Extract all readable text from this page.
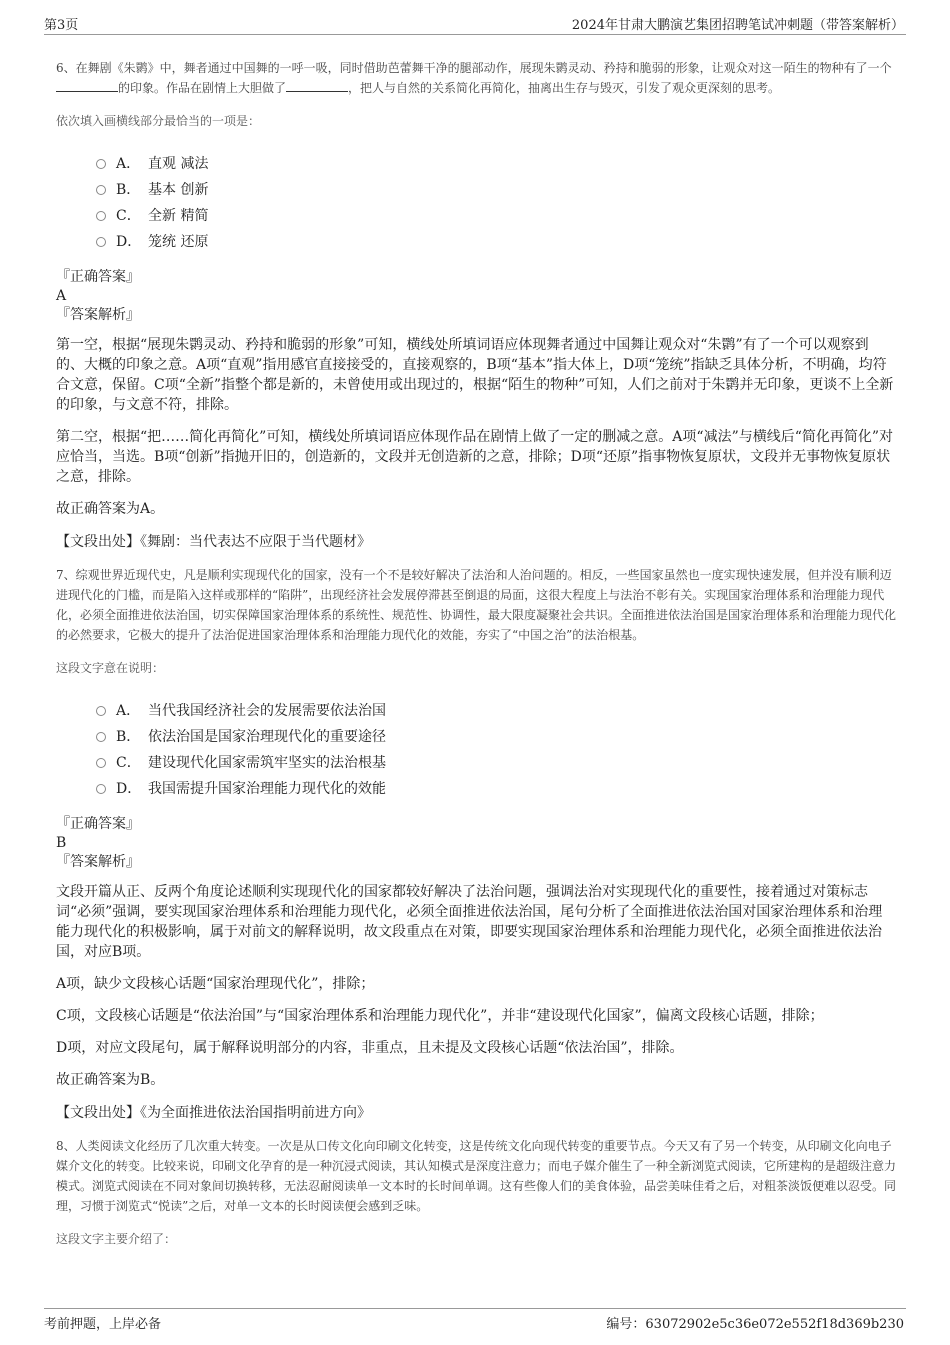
第3页	2024年甘肃大鹏演艺集团招聘笔试冲刺题（带答案解析）

6、在舞剧《朱鹮》中，舞者通过中国舞的一呼一吸，同时借助芭蕾舞干净的腿部动作，展现朱鹮灵动、矜持和脆弱的形象，让观众对这一陌生的物种有了一个的印象。作品在剧情上大胆做了	，把人与自然的关系简化再简化，抽离出生存与毁灭，引发了观众更深刻的思考。

依次填入画横线部分最恰当的一项是：

A． 直观 减法
B． 基本 创新
C． 全新 精简
D． 笼统 还原

『正确答案』

A

『答案解析』

第一空，根据“展现朱鹮灵动、矜持和脆弱的形象”可知，横线处所填词语应体现舞者通过中国舞让观众对“朱鹮”有了一个可以观察到的、大概的印象之意。A项“直观”指用感官直接接受的，直接观察的，B项“基本”指大体上，D项“笼统”指缺乏具体分析，不明确，均符合文意，保留。C项“全新”指整个都是新的，未曾使用或出现过的，根据“陌生的物种”可知，人们之前对于朱鹮并无印象，更谈不上全新的印象，与文意不符，排除。

第二空，根据“把……简化再简化”可知，横线处所填词语应体现作品在剧情上做了一定的删减之意。A项“减法”与横线后“简化再简化”对应恰当，当选。B项“创新”指抛开旧的，创造新的，文段并无创造新的之意，排除；D项“还原”指事物恢复原状，文段并无事物恢复原状之意，排除。

故正确答案为A。

【文段出处】《舞剧：当代表达不应限于当代题材》

7、综观世界近现代史，凡是顺利实现现代化的国家，没有一个不是较好解决了法治和人治问题的。相反，一些国家虽然也一度实现快速发展，但并没有顺利迈进现代化的门槛，而是陷入这样或那样的“陷阱”，出现经济社会发展停滞甚至倒退的局面，这很大程度上与法治不彰有关。实现国家治理体系和治理能力现代化，必须全面推进依法治国，切实保障国家治理体系的系统性、规范性、协调性，最大限度凝聚社会共识。全面推进依法治国是国家治理体系和治理能力现代化的必然要求，它极大的提升了法治促进国家治理体系和治理能力现代化的效能，夯实了“中国之治”的法治根基。

这段文字意在说明：

A． 当代我国经济社会的发展需要依法治国
B． 依法治国是国家治理现代化的重要途径
C． 建设现代化国家需筑牢坚实的法治根基
D． 我国需提升国家治理能力现代化的效能

『正确答案』

B

『答案解析』

文段开篇从正、反两个角度论述顺利实现现代化的国家都较好解决了法治问题，强调法治对实现现代化的重要性，接着通过对策标志词“必须”强调，要实现国家治理体系和治理能力现代化，必须全面推进依法治国，尾句分析了全面推进依法治国对国家治理体系和治理能力现代化的积极影响，属于对前文的解释说明，故文段重点在对策，即要实现国家治理体系和治理能力现代化，必须全面推进依法治国，对应B项。

A项，缺少文段核心话题“国家治理现代化”，排除；

C项，文段核心话题是“依法治国”与“国家治理体系和治理能力现代化”，并非“建设现代化国家”，偏离文段核心话题，排除；

D项，对应文段尾句，属于解释说明部分的内容，非重点，且未提及文段核心话题“依法治国”，排除。

故正确答案为B。

【文段出处】《为全面推进依法治国指明前进方向》

8、人类阅读文化经历了几次重大转变。一次是从口传文化向印刷文化转变，这是传统文化向现代转变的重要节点。今天又有了另一个转变，从印刷文化向电子媒介文化的转变。比较来说，印刷文化孕育的是一种沉浸式阅读，其认知模式是深度注意力；而电子媒介催生了一种全新浏览式阅读，它所建构的是超级注意力模式。浏览式阅读在不同对象间切换转移，无法忍耐阅读单一文本时的长时间单调。这有些像人们的美食体验，品尝美味佳肴之后，对粗茶淡饭便难以忍受。同理，习惯于浏览式“悦读”之后，对单一文本的长时阅读便会感到乏味。

这段文字主要介绍了：

考前押题，上岸必备	编号：63072902e5c36e072e552f18d369b230
